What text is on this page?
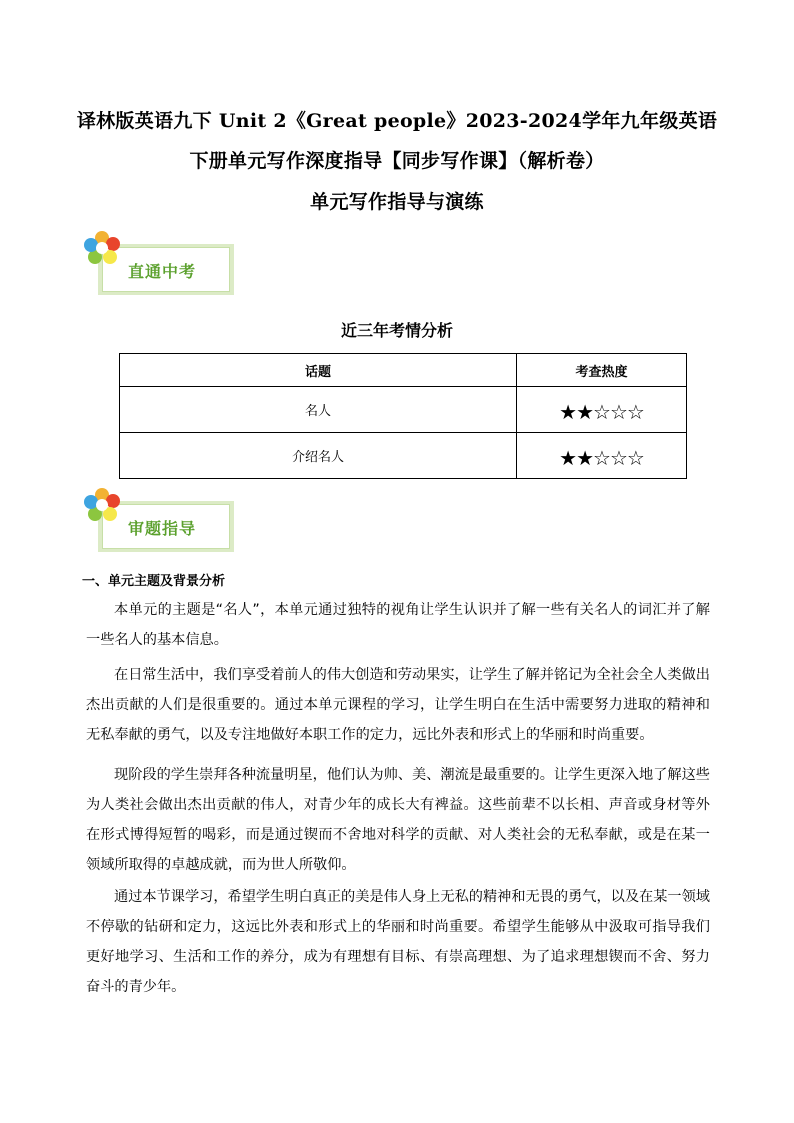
译林版英语九下 Unit 2《Great people》2023-2024学年九年级英语
下册单元写作深度指导【同步写作课】（解析卷）
单元写作指导与演练
直通中考
近三年考情分析
话题	考查热度
名人	★★☆☆☆
介绍名人	★★☆☆☆
审题指导
一、单元主题及背景分析

本单元的主题是“名人”，本单元通过独特的视角让学生认识并了解一些有关名人的词汇并了解一些名人的基本信息。

在日常生活中，我们享受着前人的伟大创造和劳动果实，让学生了解并铭记为全社会全人类做出杰出贡献的人们是很重要的。通过本单元课程的学习，让学生明白在生活中需要努力进取的精神和无私奉献的勇气，以及专注地做好本职工作的定力，远比外表和形式上的华丽和时尚重要。

现阶段的学生崇拜各种流量明星，他们认为帅、美、潮流是最重要的。让学生更深入地了解这些为人类社会做出杰出贡献的伟人，对青少年的成长大有裨益。这些前辈不以长相、声音或身材等外在形式博得短暂的喝彩，而是通过锲而不舍地对科学的贡献、对人类社会的无私奉献，或是在某一领域所取得的卓越成就，而为世人所敬仰。

通过本节课学习，希望学生明白真正的美是伟人身上无私的精神和无畏的勇气，以及在某一领域不停歇的钻研和定力，这远比外表和形式上的华丽和时尚重要。希望学生能够从中汲取可指导我们更好地学习、生活和工作的养分，成为有理想有目标、有崇高理想、为了追求理想锲而不舍、努力奋斗的青少年。
